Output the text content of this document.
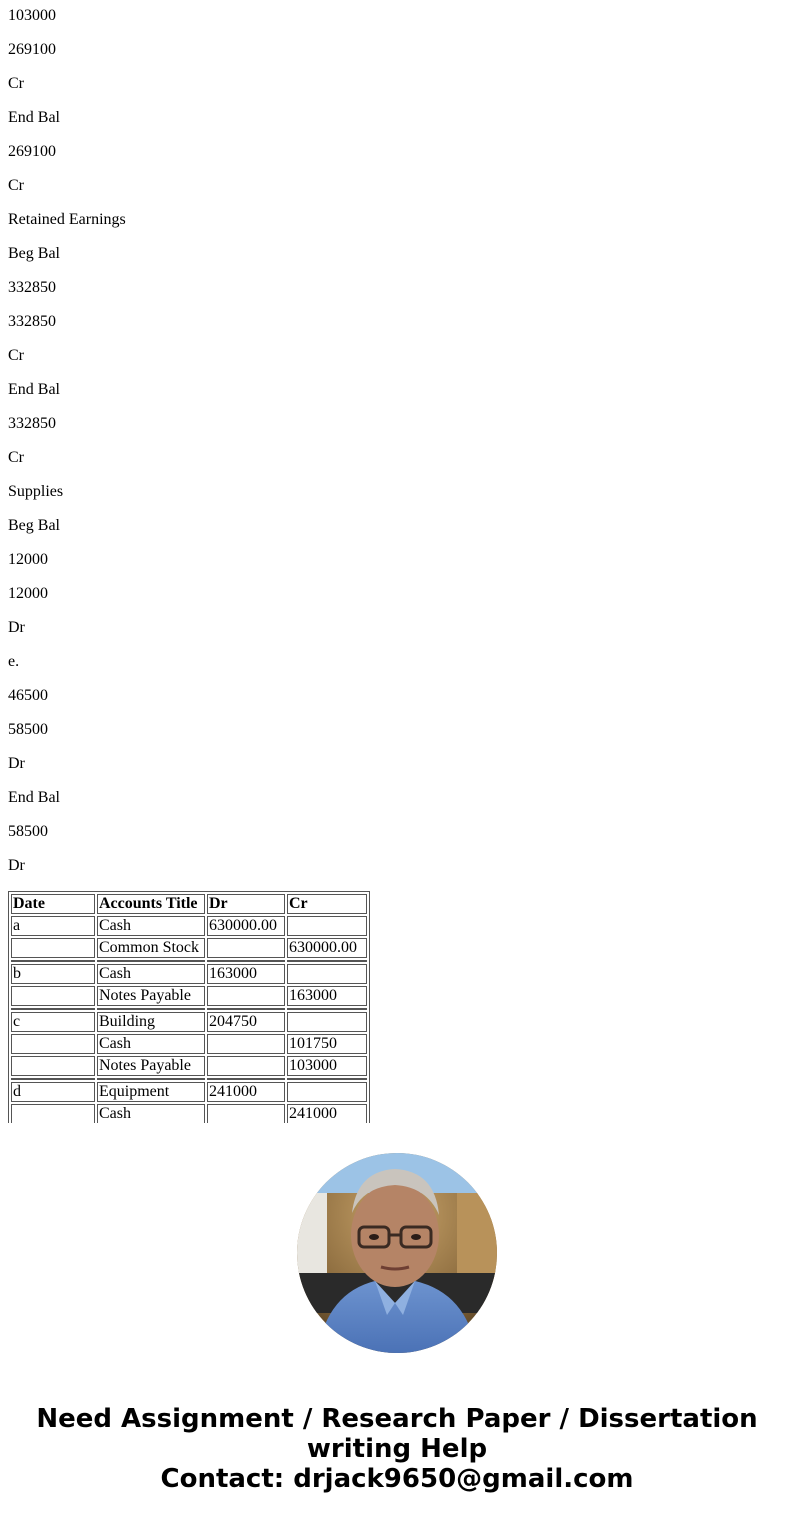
103000

269100

Cr

End Bal

269100

Cr

Retained Earnings

Beg Bal

332850

332850

Cr

End Bal

332850

Cr

Supplies

Beg Bal

12000

12000

Dr

e.

46500

58500

Dr

End Bal

58500

Dr

Date	Accounts Title	Dr	Cr
a	Cash	630000.00	
	Common Stock		630000.00

b	Cash	163000	
	Notes Payable		163000

c	Building	204750	
	Cash		101750
	Notes Payable		103000

d	Equipment	241000	
	Cash		241000
Need Assignment / Research Paper / Dissertation
writing Help
Contact: drjack9650@gmail.com
